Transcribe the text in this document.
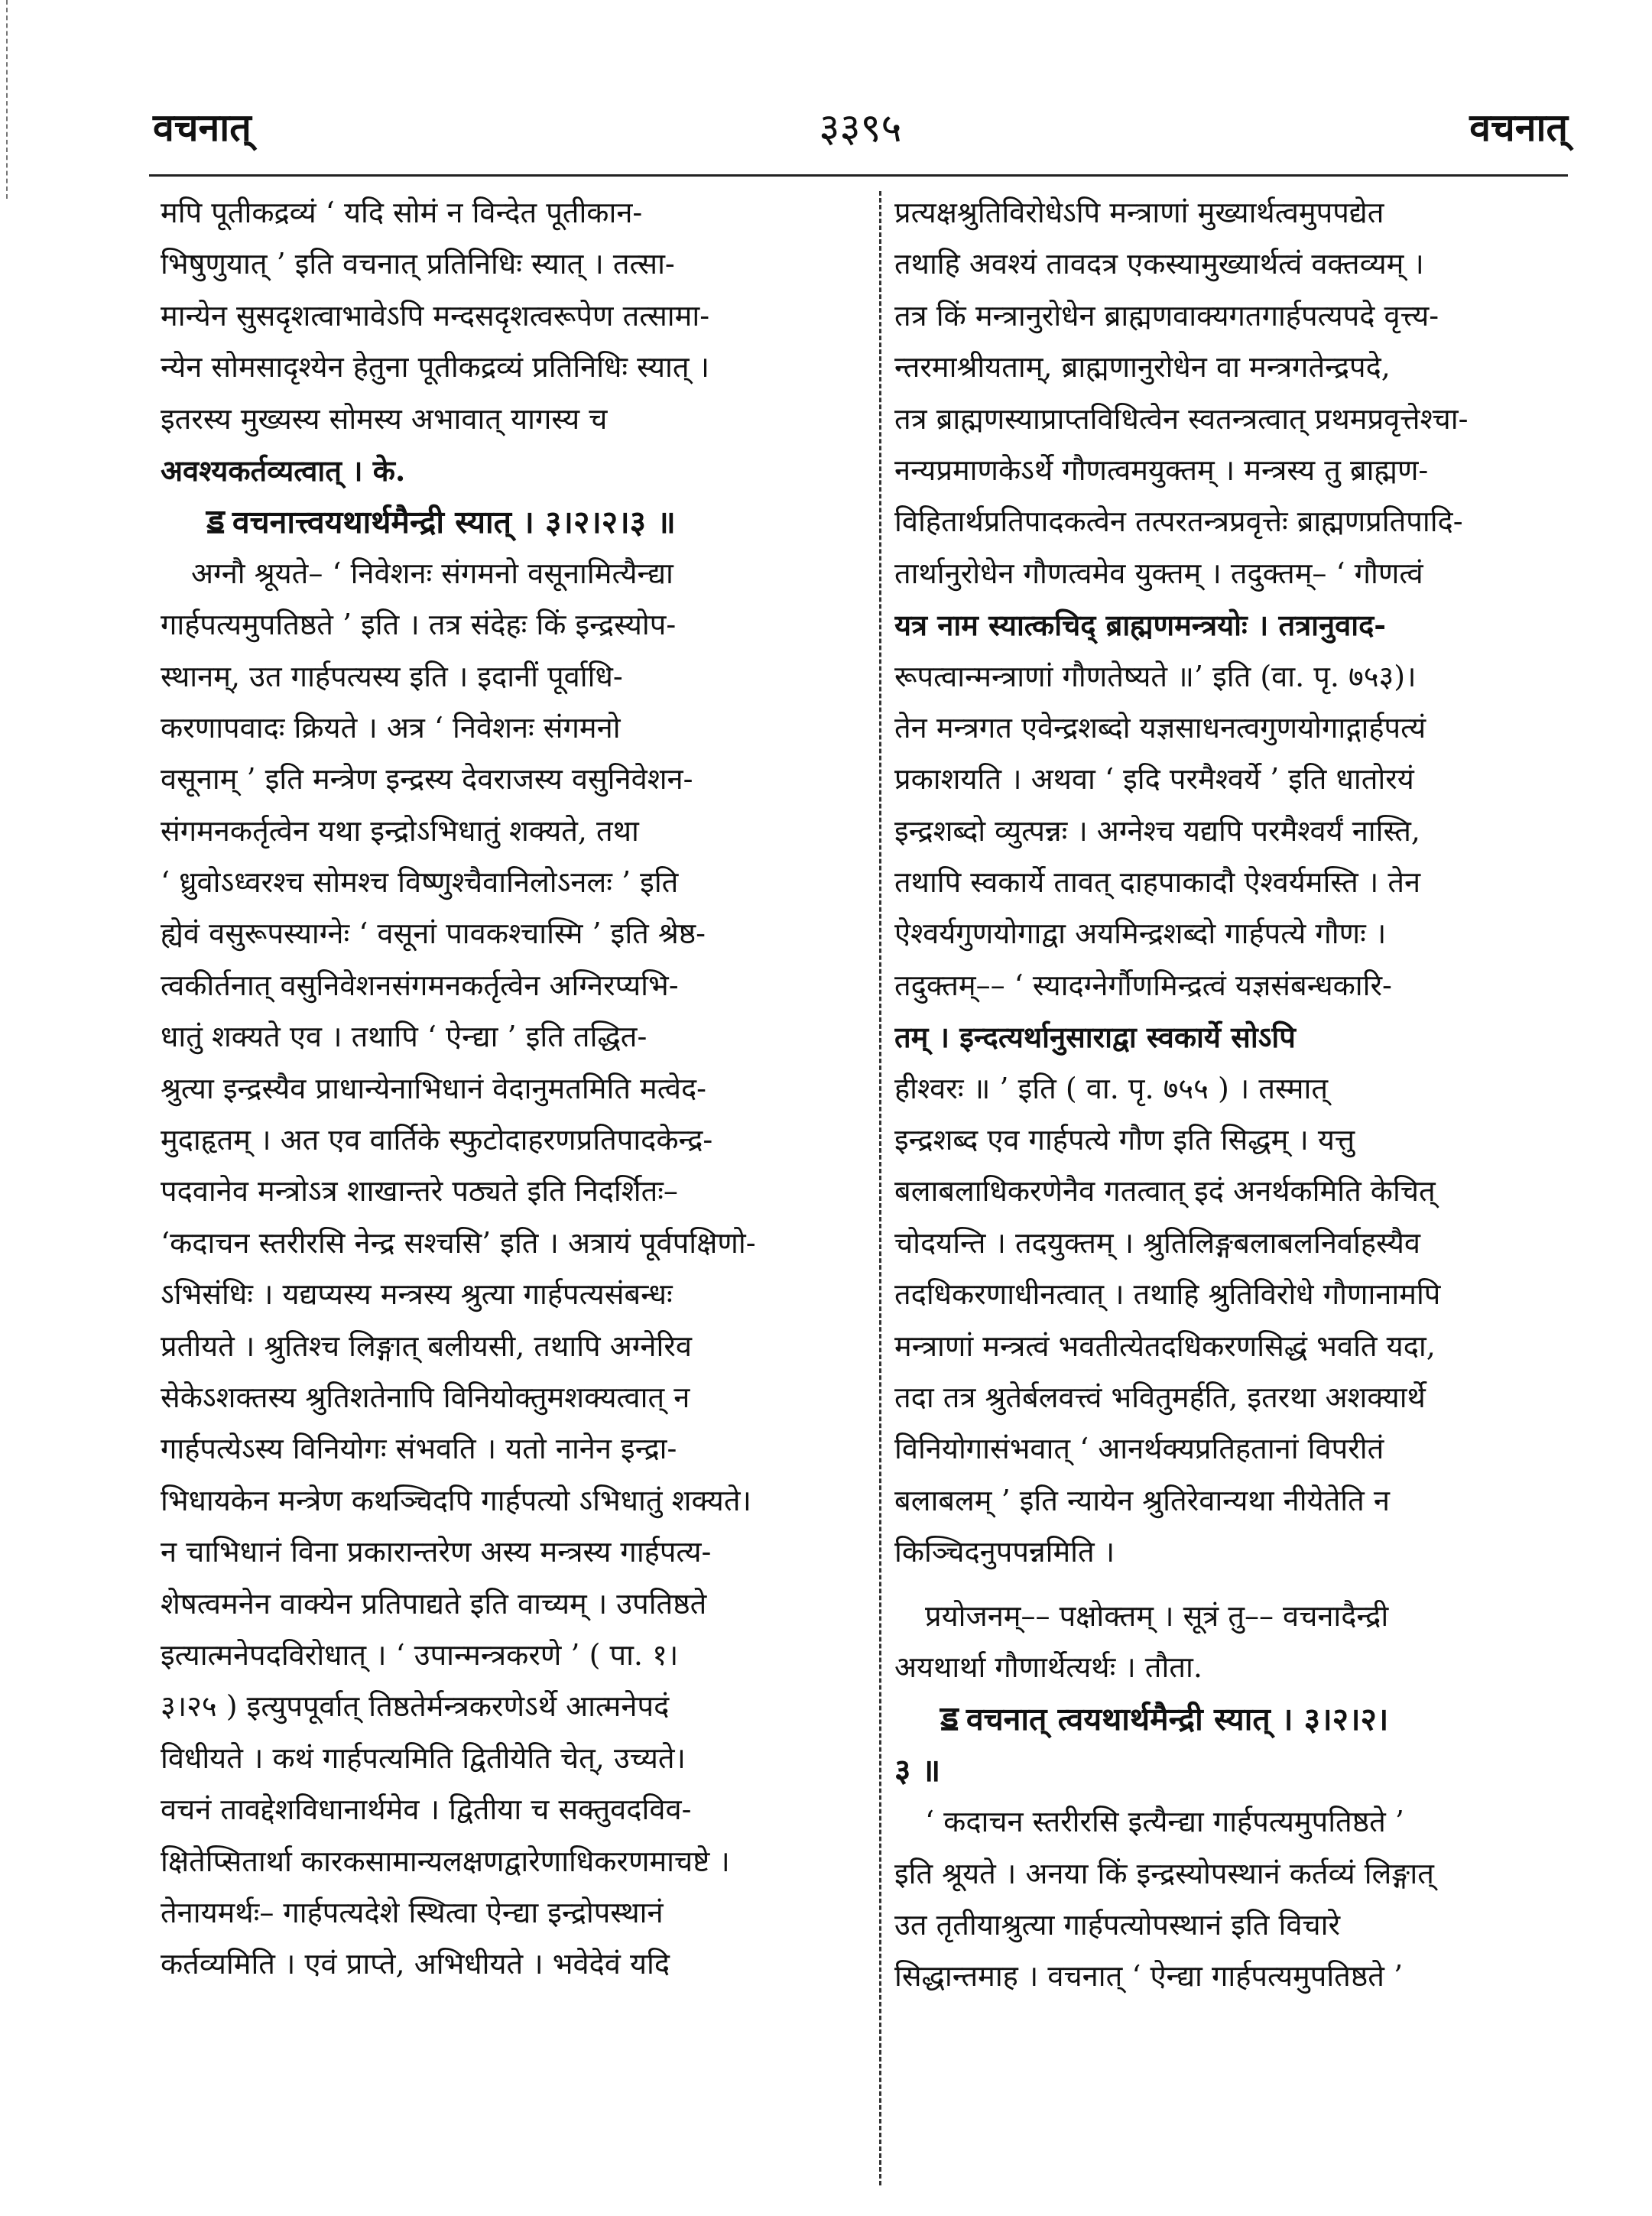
वचनात्	३३९५	वचनात्
मपि पूतीकद्रव्यं ‘ यदि सोमं न विन्देत पूतीकान-
भिषुणुयात् ’ इति वचनात् प्रतिनिधिः स्यात् । तत्सा-
मान्येन सुसदृशत्वाभावेऽपि मन्दसदृशत्वरूपेण तत्सामा-
न्येन सोमसादृश्येन हेतुना पूतीकद्रव्यं प्रतिनिधिः स्यात् ।
इतरस्य मुख्यस्य सोमस्य अभावात् यागस्य च
अवश्यकर्तव्यत्वात् । के.
ॾ वचनात्त्वयथार्थमैन्द्री स्यात् । ३।२।२।३ ॥
अग्नौ श्रूयते– ‘ निवेशनः संगमनो वसूनामित्यैन्द्या
गार्हपत्यमुपतिष्ठते ’ इति । तत्र संदेहः किं इन्द्रस्योप-
स्थानम्, उत गार्हपत्यस्य इति । इदानीं पूर्वाधि-
करणापवादः क्रियते । अत्र ‘ निवेशनः संगमनो
वसूनाम् ’ इति मन्त्रेण इन्द्रस्य देवराजस्य वसुनिवेशन-
संगमनकर्तृत्वेन यथा इन्द्रोऽभिधातुं शक्यते, तथा
‘ ध्रुवोऽध्वरश्च सोमश्च विष्णुश्चैवानिलोऽनलः ’ इति
ह्येवं वसुरूपस्याग्नेः ‘ वसूनां पावकश्चास्मि ’ इति श्रेष्ठ-
त्वकीर्तनात् वसुनिवेशनसंगमनकर्तृत्वेन अग्निरप्यभि-
धातुं शक्यते एव । तथापि ‘ ऐन्द्या ’ इति तद्धित-
श्रुत्या इन्द्रस्यैव प्राधान्येनाभिधानं वेदानुमतमिति मत्वेद-
मुदाहृतम् । अत एव वार्तिके स्फुटोदाहरणप्रतिपादकेन्द्र-
पदवानेव मन्त्रोऽत्र शाखान्तरे पठ्यते इति निदर्शितः–
‘कदाचन स्तरीरसि नेन्द्र सश्चसि’ इति । अत्रायं पूर्वपक्षिणो-
ऽभिसंधिः । यद्यप्यस्य मन्त्रस्य श्रुत्या गार्हपत्यसंबन्धः
प्रतीयते । श्रुतिश्च लिङ्गात् बलीयसी, तथापि अग्नेरिव
सेकेऽशक्तस्य श्रुतिशतेनापि विनियोक्तुमशक्यत्वात् न
गार्हपत्येऽस्य विनियोगः संभवति । यतो नानेन इन्द्रा-
भिधायकेन मन्त्रेण कथञ्चिदपि गार्हपत्यो ऽभिधातुं शक्यते।
न चाभिधानं विना प्रकारान्तरेण अस्य मन्त्रस्य गार्हपत्य-
शेषत्वमनेन वाक्येन प्रतिपाद्यते इति वाच्यम् । उपतिष्ठते
इत्यात्मनेपदविरोधात् । ‘ उपान्मन्त्रकरणे ’ ( पा. १।
३।२५ ) इत्युपपूर्वात् तिष्ठतेर्मन्त्रकरणेऽर्थे आत्मनेपदं
विधीयते । कथं गार्हपत्यमिति द्वितीयेति चेत्, उच्यते।
वचनं तावद्देशविधानार्थमेव । द्वितीया च सक्तुवदविव-
क्षितेप्सितार्था कारकसामान्यलक्षणद्वारेणाधिकरणमाचष्टे ।
तेनायमर्थः– गार्हपत्यदेशे स्थित्वा ऐन्द्या इन्द्रोपस्थानं
कर्तव्यमिति । एवं प्राप्ते, अभिधीयते । भवेदेवं यदि
प्रत्यक्षश्रुतिविरोधेऽपि मन्त्राणां मुख्यार्थत्वमुपपद्येत
तथाहि अवश्यं तावदत्र एकस्यामुख्यार्थत्वं वक्तव्यम् ।
तत्र किं मन्त्रानुरोधेन ब्राह्मणवाक्यगतगार्हपत्यपदे वृत्त्य-
न्तरमाश्रीयताम्, ब्राह्मणानुरोधेन वा मन्त्रगतेन्द्रपदे,
तत्र ब्राह्मणस्याप्राप्तविधित्वेन स्वतन्त्रत्वात् प्रथमप्रवृत्तेश्चा-
नन्यप्रमाणकेऽर्थे गौणत्वमयुक्तम् । मन्त्रस्य तु ब्राह्मण-
विहितार्थप्रतिपादकत्वेन तत्परतन्त्रप्रवृत्तेः ब्राह्मणप्रतिपादि-
तार्थानुरोधेन गौणत्वमेव युक्तम् । तदुक्तम्– ‘ गौणत्वं
यत्र नाम स्यात्कचिद् ब्राह्मणमन्त्रयोः । तत्रानुवाद-
रूपत्वान्मन्त्राणां गौणतेष्यते ॥’ इति (वा. पृ. ७५३)।
तेन मन्त्रगत एवेन्द्रशब्दो यज्ञसाधनत्वगुणयोगाद्गार्हपत्यं
प्रकाशयति । अथवा ‘ इदि परमैश्वर्ये ’ इति धातोरयं
इन्द्रशब्दो व्युत्पन्नः । अग्नेश्च यद्यपि परमैश्वर्यं नास्ति,
तथापि स्वकार्ये तावत् दाहपाकादौ ऐश्वर्यमस्ति । तेन
ऐश्वर्यगुणयोगाद्वा अयमिन्द्रशब्दो गार्हपत्ये गौणः ।
तदुक्तम्–– ‘ स्यादग्नेर्गौणमिन्द्रत्वं यज्ञसंबन्धकारि-
तम् । इन्दत्यर्थानुसाराद्वा स्वकार्ये सोऽपि
हीश्वरः ॥ ’ इति ( वा. पृ. ७५५ ) । तस्मात्
इन्द्रशब्द एव गार्हपत्ये गौण इति सिद्धम् । यत्तु
बलाबलाधिकरणेनैव गतत्वात् इदं अनर्थकमिति केचित्
चोदयन्ति । तदयुक्तम् । श्रुतिलिङ्गबलाबलनिर्वाहस्यैव
तदधिकरणाधीनत्वात् । तथाहि श्रुतिविरोधे गौणानामपि
मन्त्राणां मन्त्रत्वं भवतीत्येतदधिकरणसिद्धं भवति यदा,
तदा तत्र श्रुतेर्बलवत्त्वं भवितुमर्हति, इतरथा अशक्यार्थे
विनियोगासंभवात् ‘ आनर्थक्यप्रतिहतानां विपरीतं
बलाबलम् ’ इति न्यायेन श्रुतिरेवान्यथा नीयेतेति न
किञ्चिदनुपपन्नमिति ।
प्रयोजनम्–– पक्षोक्तम् । सूत्रं तु–– वचनादैन्द्री
अयथार्था गौणार्थेत्यर्थः । तौता.
ॾ वचनात् त्वयथार्थमैन्द्री स्यात् । ३।२।२।
३ ॥
‘ कदाचन स्तरीरसि इत्यैन्द्या गार्हपत्यमुपतिष्ठते ’
इति श्रूयते । अनया किं इन्द्रस्योपस्थानं कर्तव्यं लिङ्गात्
उत तृतीयाश्रुत्या गार्हपत्योपस्थानं इति विचारे
सिद्धान्तमाह । वचनात् ‘ ऐन्द्या गार्हपत्यमुपतिष्ठते ’
